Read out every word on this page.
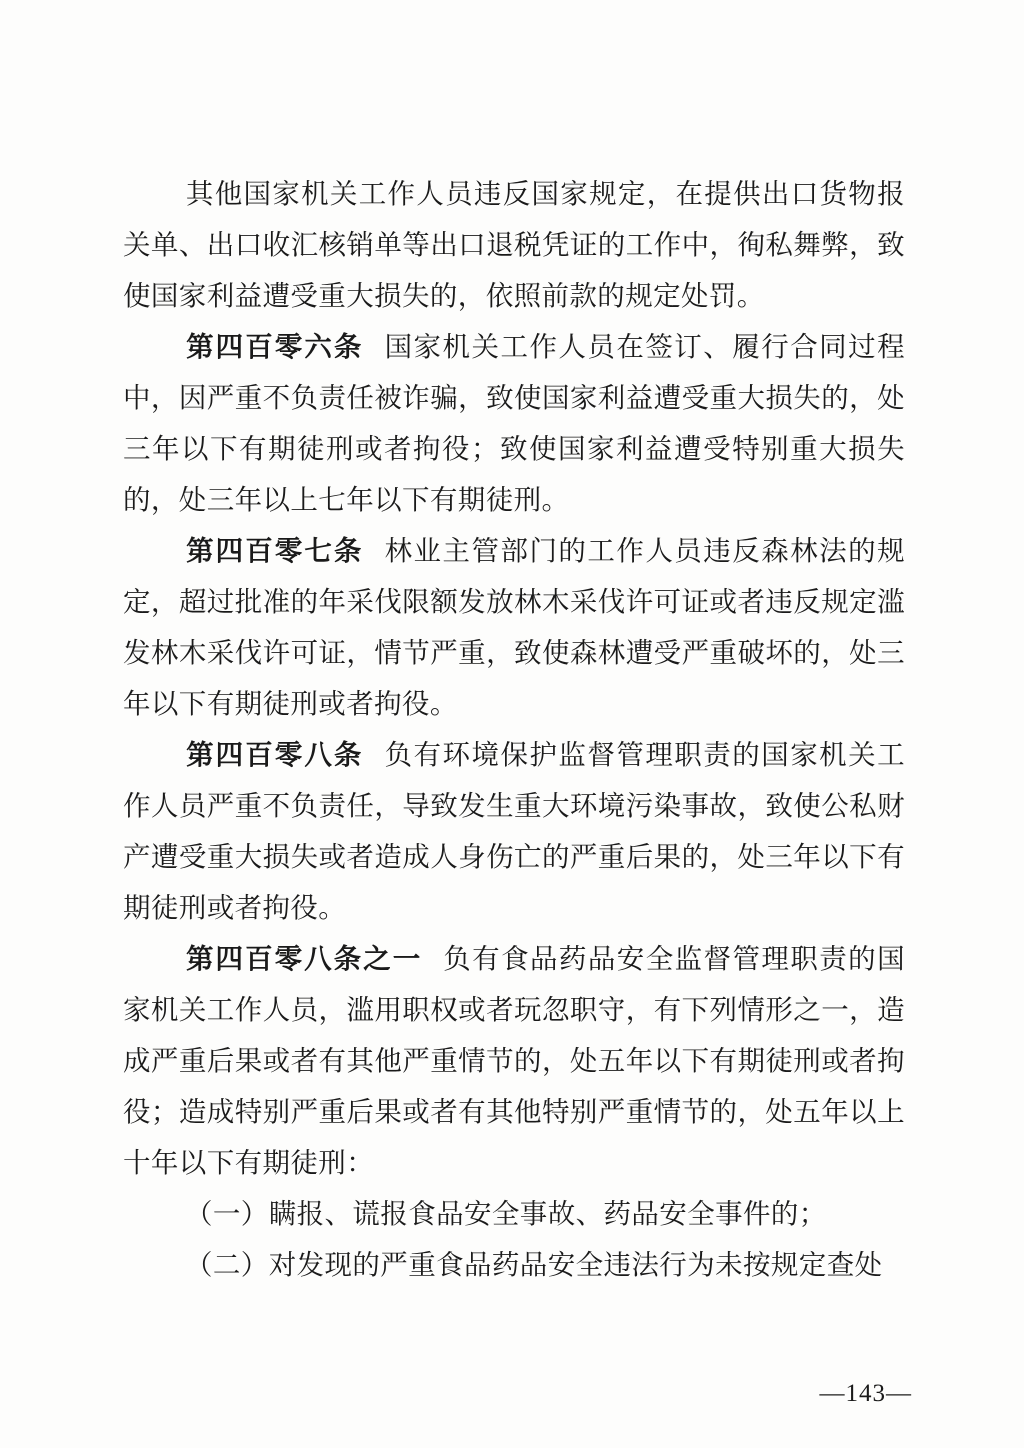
其他国家机关工作人员违反国家规定，在提供出口货物报关单、出口收汇核销单等出口退税凭证的工作中，徇私舞弊，致使国家利益遭受重大损失的，依照前款的规定处罚。

第四百零六条 国家机关工作人员在签订、履行合同过程中，因严重不负责任被诈骗，致使国家利益遭受重大损失的，处三年以下有期徒刑或者拘役；致使国家利益遭受特别重大损失的，处三年以上七年以下有期徒刑。

第四百零七条 林业主管部门的工作人员违反森林法的规定，超过批准的年采伐限额发放林木采伐许可证或者违反规定滥发林木采伐许可证，情节严重，致使森林遭受严重破坏的，处三年以下有期徒刑或者拘役。

第四百零八条 负有环境保护监督管理职责的国家机关工作人员严重不负责任，导致发生重大环境污染事故，致使公私财产遭受重大损失或者造成人身伤亡的严重后果的，处三年以下有期徒刑或者拘役。

第四百零八条之一 负有食品药品安全监督管理职责的国家机关工作人员，滥用职权或者玩忽职守，有下列情形之一，造成严重后果或者有其他严重情节的，处五年以下有期徒刑或者拘役；造成特别严重后果或者有其他特别严重情节的，处五年以上十年以下有期徒刑：

（一）瞒报、谎报食品安全事故、药品安全事件的；

（二）对发现的严重食品药品安全违法行为未按规定查处

—143—
